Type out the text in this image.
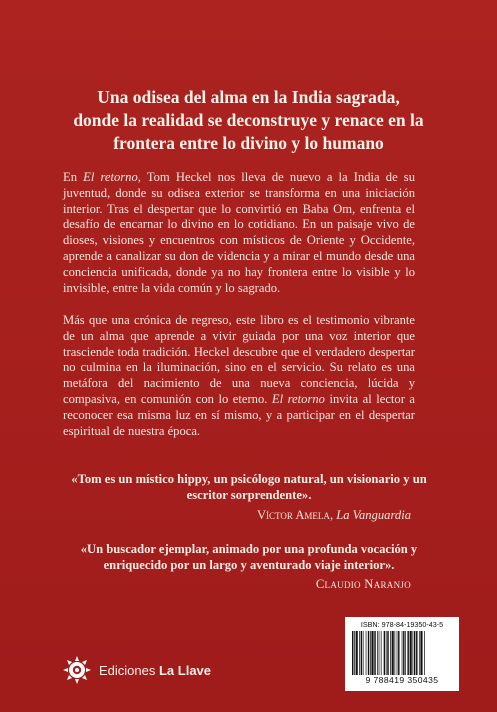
Una odisea del alma en la India sagrada,
donde la realidad se deconstruye y renace en la
frontera entre lo divino y lo humano

En El retorno, Tom Heckel nos lleva de nuevo a la India de su juventud, donde su odisea exterior se transforma en una iniciación interior. Tras el despertar que lo convirtió en Baba Om, enfrenta el desafío de encarnar lo divino en lo cotidiano. En un paisaje vivo de dioses, visiones y encuentros con místicos de Oriente y Occidente, aprende a canalizar su don de videncia y a mirar el mundo desde una conciencia unificada, donde ya no hay frontera entre lo visible y lo invisible, entre la vida común y lo sagrado.

Más que una crónica de regreso, este libro es el testimonio vibrante de un alma que aprende a vivir guiada por una voz interior que trasciende toda tradición. Heckel descubre que el verdadero despertar no culmina en la iluminación, sino en el servicio. Su relato es una metáfora del nacimiento de una nueva conciencia, lúcida y compasiva, en comunión con lo eterno. El retorno invita al lector a reconocer esa misma luz en sí mismo, y a participar en el despertar espiritual de nuestra época.

«Tom es un místico hippy, un psicólogo natural, un visionario y un escritor sorprendente».
Víctor Amela, La Vanguardia
«Un buscador ejemplar, animado por una profunda vocación y enriquecido por un largo y aventurado viaje interior».
Claudio Naranjo
Ediciones La Llave
ISBN: 978-84-19350-43-5
9 788419 350435
